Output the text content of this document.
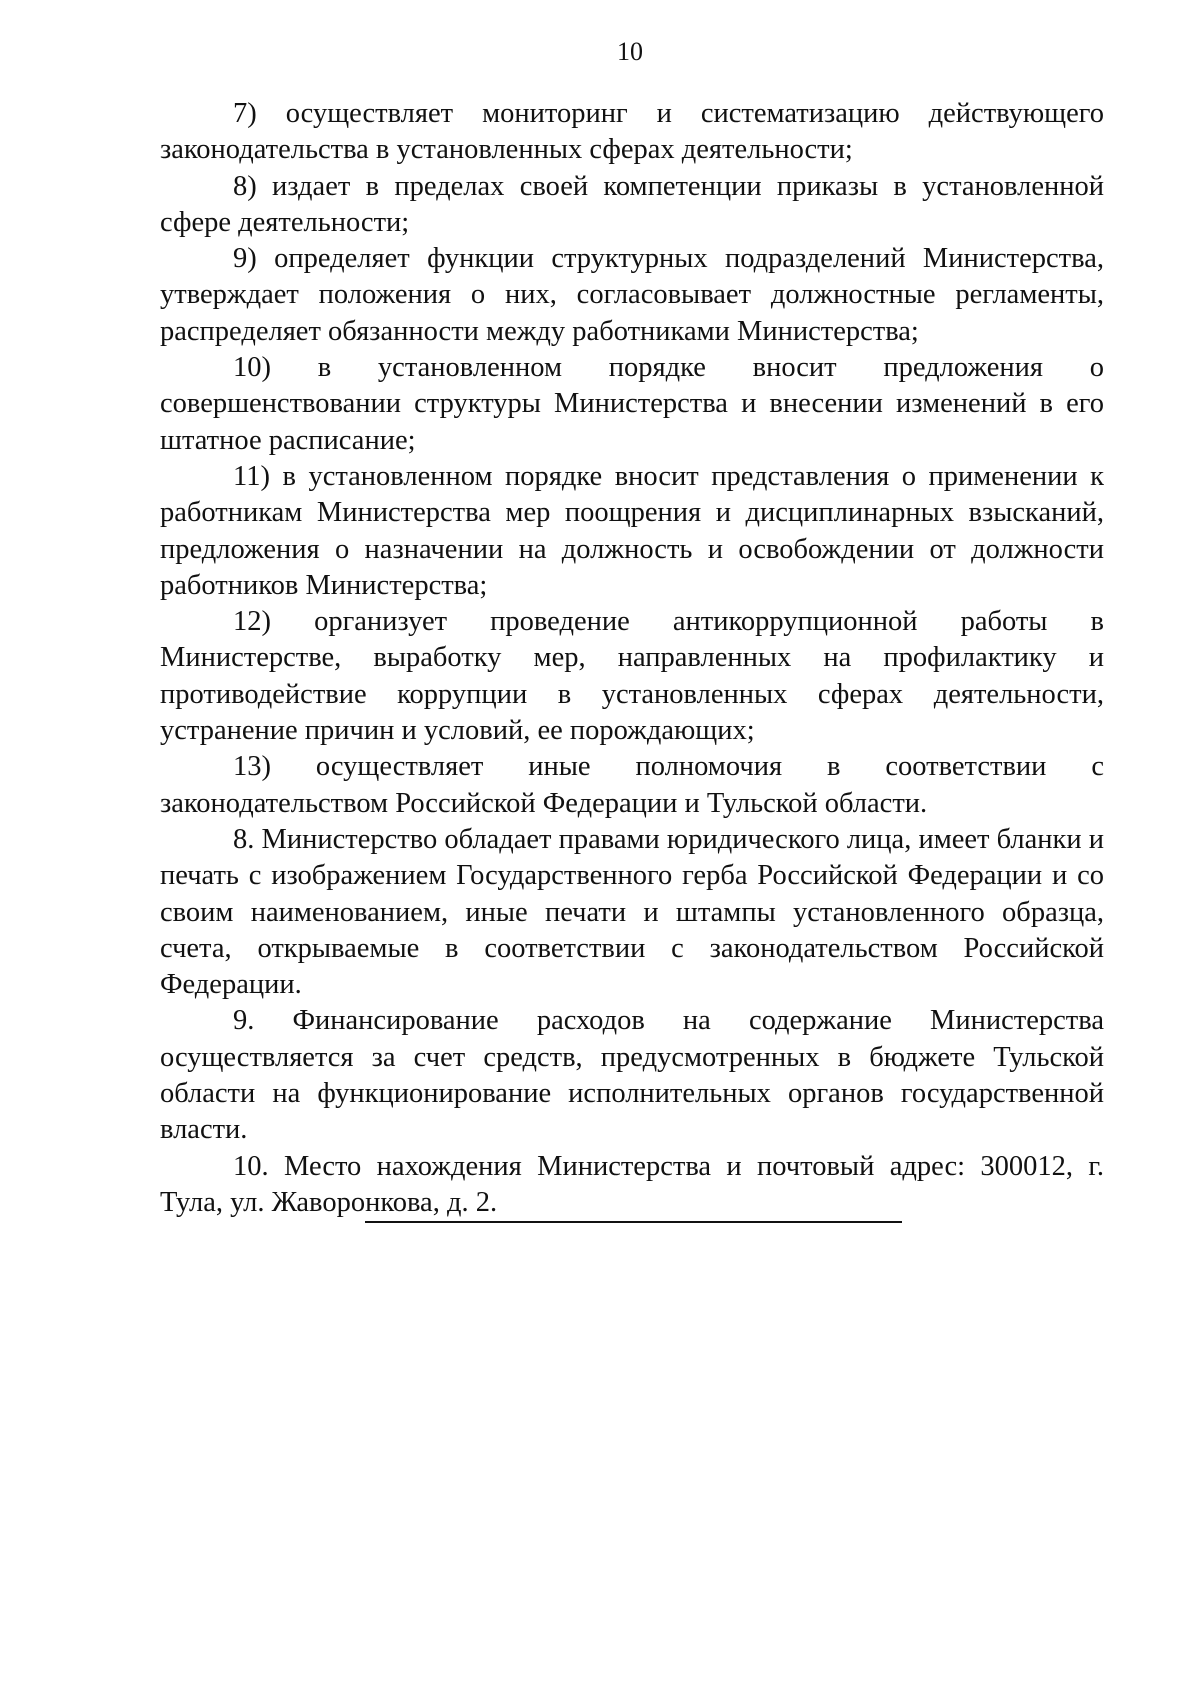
10

7) осуществляет мониторинг и систематизацию действующего законодательства в установленных сферах деятельности;

8) издает в пределах своей компетенции приказы в установленной сфере деятельности;

9) определяет функции структурных подразделений Министерства, утверждает положения о них, согласовывает должностные регламенты, распределяет обязанности между работниками Министерства;

10) в установленном порядке вносит предложения о совершенствовании структуры Министерства и внесении изменений в его штатное расписание;

11) в установленном порядке вносит представления о применении к работникам Министерства мер поощрения и дисциплинарных взысканий, предложения о назначении на должность и освобождении от должности работников Министерства;

12) организует проведение антикоррупционной работы в Министерстве, выработку мер, направленных на профилактику и противодействие коррупции в установленных сферах деятельности, устранение причин и условий, ее порождающих;

13) осуществляет иные полномочия в соответствии с законодательством Российской Федерации и Тульской области.

8. Министерство обладает правами юридического лица, имеет бланки и печать с изображением Государственного герба Российской Федерации и со своим наименованием, иные печати и штампы установленного образца, счета, открываемые в соответствии с законодательством Российской Федерации.

9. Финансирование расходов на содержание Министерства осуществляется за счет средств, предусмотренных в бюджете Тульской области на функционирование исполнительных органов государственной власти.

10. Место нахождения Министерства и почтовый адрес: 300012, г. Тула, ул. Жаворонкова, д. 2.
